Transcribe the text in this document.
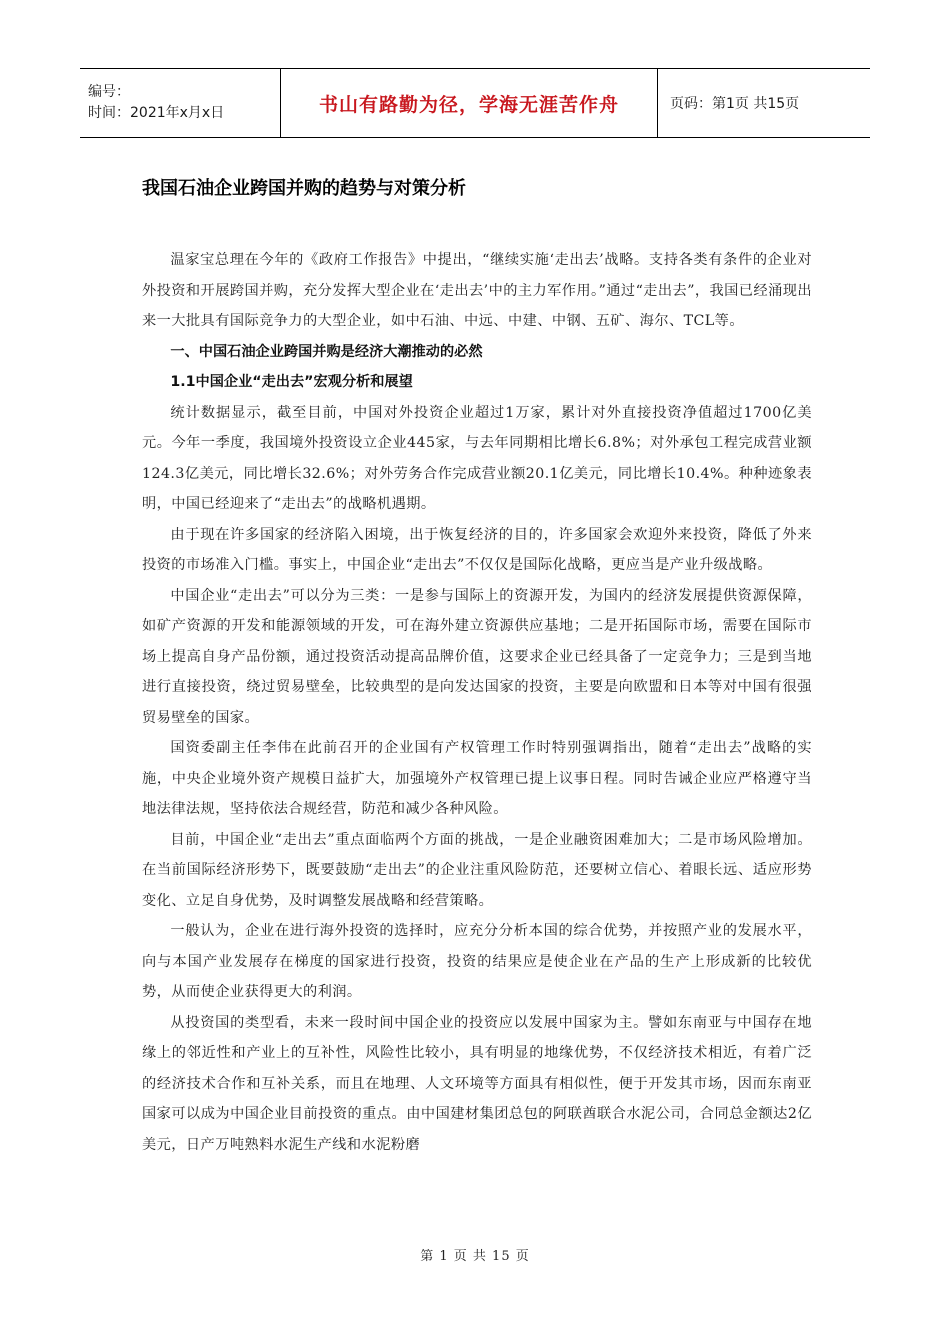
编号：
时间：2021年x月x日	书山有路勤为径，学海无涯苦作舟	页码：第1页 共15页
我国石油企业跨国并购的趋势与对策分析

温家宝总理在今年的《政府工作报告》中提出，“继续实施‘走出去’战略。支持各类有条件的企业对外投资和开展跨国并购，充分发挥大型企业在‘走出去’中的主力军作用。”通过“走出去”，我国已经涌现出来一大批具有国际竞争力的大型企业，如中石油、中远、中建、中钢、五矿、海尔、TCL等。

一、中国石油企业跨国并购是经济大潮推动的必然

1.1中国企业“走出去”宏观分析和展望

统计数据显示，截至目前，中国对外投资企业超过1万家，累计对外直接投资净值超过1700亿美元。今年一季度，我国境外投资设立企业445家，与去年同期相比增长6.8%；对外承包工程完成营业额124.3亿美元，同比增长32.6%；对外劳务合作完成营业额20.1亿美元，同比增长10.4%。种种迹象表明，中国已经迎来了“走出去”的战略机遇期。

由于现在许多国家的经济陷入困境，出于恢复经济的目的，许多国家会欢迎外来投资，降低了外来投资的市场准入门槛。事实上，中国企业“走出去”不仅仅是国际化战略，更应当是产业升级战略。

中国企业“走出去”可以分为三类：一是参与国际上的资源开发，为国内的经济发展提供资源保障，如矿产资源的开发和能源领域的开发，可在海外建立资源供应基地；二是开拓国际市场，需要在国际市场上提高自身产品份额，通过投资活动提高品牌价值，这要求企业已经具备了一定竞争力；三是到当地进行直接投资，绕过贸易壁垒，比较典型的是向发达国家的投资，主要是向欧盟和日本等对中国有很强贸易壁垒的国家。

国资委副主任李伟在此前召开的企业国有产权管理工作时特别强调指出，随着“走出去”战略的实施，中央企业境外资产规模日益扩大，加强境外产权管理已提上议事日程。同时告诫企业应严格遵守当地法律法规，坚持依法合规经营，防范和减少各种风险。

目前，中国企业“走出去”重点面临两个方面的挑战，一是企业融资困难加大；二是市场风险增加。在当前国际经济形势下，既要鼓励“走出去”的企业注重风险防范，还要树立信心、着眼长远、适应形势变化、立足自身优势，及时调整发展战略和经营策略。

一般认为，企业在进行海外投资的选择时，应充分分析本国的综合优势，并按照产业的发展水平，向与本国产业发展存在梯度的国家进行投资，投资的结果应是使企业在产品的生产上形成新的比较优势，从而使企业获得更大的利润。

从投资国的类型看，未来一段时间中国企业的投资应以发展中国家为主。譬如东南亚与中国存在地缘上的邻近性和产业上的互补性，风险性比较小，具有明显的地缘优势，不仅经济技术相近，有着广泛的经济技术合作和互补关系，而且在地理、人文环境等方面具有相似性，便于开发其市场，因而东南亚国家可以成为中国企业目前投资的重点。由中国建材集团总包的阿联酋联合水泥公司，合同总金额达2亿美元，日产万吨熟料水泥生产线和水泥粉磨

第 1 页 共 15 页
